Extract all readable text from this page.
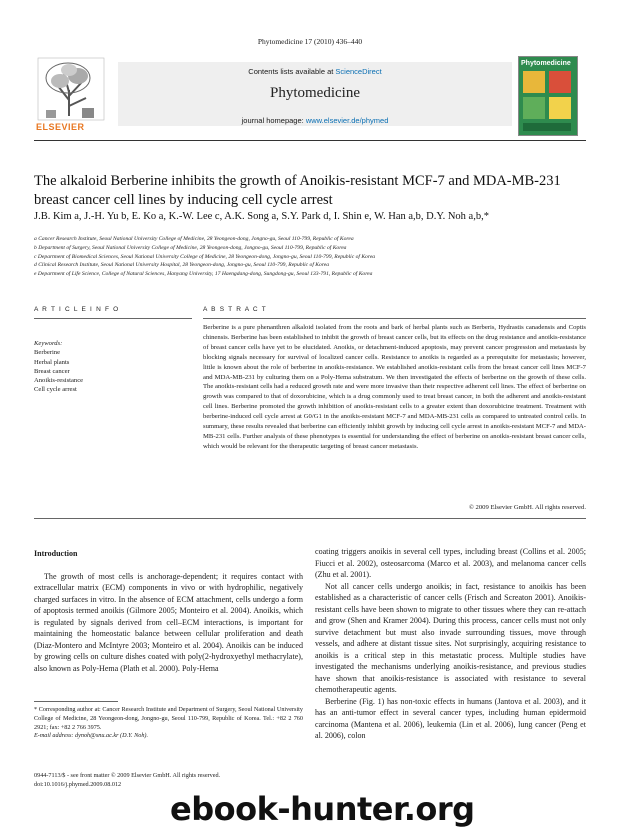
Phytomedicine 17 (2010) 436–440
ELSEVIER
Contents lists available at ScienceDirect
Phytomedicine
journal homepage: www.elsevier.de/phymed
Phytomedicine
The alkaloid Berberine inhibits the growth of Anoikis-resistant MCF-7 and MDA-MB-231 breast cancer cell lines by inducing cell cycle arrest
J.B. Kim a, J.-H. Yu b, E. Ko a, K.-W. Lee c, A.K. Song a, S.Y. Park d, I. Shin e, W. Han a,b, D.Y. Noh a,b,*
a Cancer Research Institute, Seoul National University College of Medicine, 28 Yeongeon-dong, Jongno-gu, Seoul 110-799, Republic of Korea
b Department of Surgery, Seoul National University College of Medicine, 28 Yeongeon-dong, Jongno-gu, Seoul 110-799, Republic of Korea
c Department of Biomedical Sciences, Seoul National University College of Medicine, 28 Yeongeon-dong, Jongno-gu, Seoul 110-799, Republic of Korea
d Clinical Research Institute, Seoul National University Hospital, 28 Yeongeon-dong, Jongno-gu, Seoul 110-799, Republic of Korea
e Department of Life Science, College of Natural Sciences, Hanyang University, 17 Haengdang-dong, Sungdong-gu, Seoul 133-791, Republic of Korea
A R T I C L E I N F O	A B S T R A C T
Keywords:
Berberine
Herbal plants
Breast cancer
Anoikis-resistance
Cell cycle arrest
Berberine is a pure phenanthren alkaloid isolated from the roots and bark of herbal plants such as Berberis, Hydrastis canadensis and Coptis chinensis. Berberine has been established to inhibit the growth of breast cancer cells, but its effects on the drug resistance and anoikis-resistance of breast cancer cells have yet to be elucidated. Anoikis, or detachment-induced apoptosis, may prevent cancer progression and metastasis by blocking signals necessary for survival of localized cancer cells. Resistance to anoikis is regarded as a prerequisite for metastasis; however, little is known about the role of berberine in anoikis-resistance. We established anoikis-resistant cells from the breast cancer cell lines MCF-7 and MDA-MB-231 by culturing them on a Poly-Hema substratum. We then investigated the effects of berberine on the growth of these cells. The anoikis-resistant cells had a reduced growth rate and were more invasive than their respective adherent cell lines. The effect of berberine on growth was compared to that of doxorubicine, which is a drug commonly used to treat breast cancer, in both the adherent and anoikis-resistant cell lines. Berberine promoted the growth inhibition of anoikis-resistant cells to a greater extent than doxorubicine treatment. Treatment with berberine-induced cell cycle arrest at G0/G1 in the anoikis-resistant MCF-7 and MDA-MB-231 cells as compared to untreated control cells. In summary, these results revealed that berberine can efficiently inhibit growth by inducing cell cycle arrest in anoikis-resistant MCF-7 and MDA-MB-231 cells. Further analysis of these phenotypes is essential for understanding the effect of berberine on anoikis-resistant breast cancer cells, which would be relevant for the therapeutic targeting of breast cancer metastasis.
© 2009 Elsevier GmbH. All rights reserved.
Introduction

The growth of most cells is anchorage-dependent; it requires contact with extracellular matrix (ECM) components in vivo or with hydrophilic, negatively charged surfaces in vitro. In the absence of ECM attachment, cells undergo a form of apoptosis termed anoikis (Gilmore 2005; Monteiro et al. 2004). Anoikis, which is regulated by signals derived from cell–ECM interactions, is important for maintaining the homeostatic balance between cellular proliferation and death (Diaz-Montero and McIntyre 2003; Monteiro et al. 2004). Anoikis can be induced by growing cells on culture dishes coated with poly(2-hydroxyethyl methacrylate), also known as Poly-Hema (Plath et al. 2000). Poly-Hema

coating triggers anoikis in several cell types, including breast (Collins et al. 2005; Fiucci et al. 2002), osteosarcoma (Marco et al. 2003), and melanoma cancer cells (Zhu et al. 2001).

Not all cancer cells undergo anoikis; in fact, resistance to anoikis has been established as a characteristic of cancer cells (Frisch and Screaton 2001). Anoikis-resistant cells have been shown to migrate to other tissues where they can re-attach and grow (Shen and Kramer 2004). During this process, cancer cells must not only survive detachment but must also invade surrounding tissues, move through vessels, and adhere at distant tissue sites. Not surprisingly, acquiring resistance to anoikis is a critical step in this metastatic process. Multiple studies have investigated the mechanisms underlying anoikis-resistance, and previous studies have shown that anoikis-resistance is associated with resistance to several chemotherapeutic agents.

Berberine (Fig. 1) has non-toxic effects in humans (Jantova et al. 2003), and it has an anti-tumor effect in several cancer types, including human epidermoid carcinoma (Mantena et al. 2006), leukemia (Lin et al. 2006), lung cancer (Peng et al. 2006), colon

* Corresponding author at: Cancer Research Institute and Department of Surgery, Seoul National University College of Medicine, 28 Yeongeon-dong, Jongno-gu, Seoul 110-799, Republic of Korea. Tel.: +82 2 760 2921; fax: +82 2 766 3975.
E-mail address: dynoh@snu.ac.kr (D.Y. Noh).
0944-7113/$ - see front matter © 2009 Elsevier GmbH. All rights reserved.
doi:10.1016/j.phymed.2009.08.012
ebook-hunter.org
